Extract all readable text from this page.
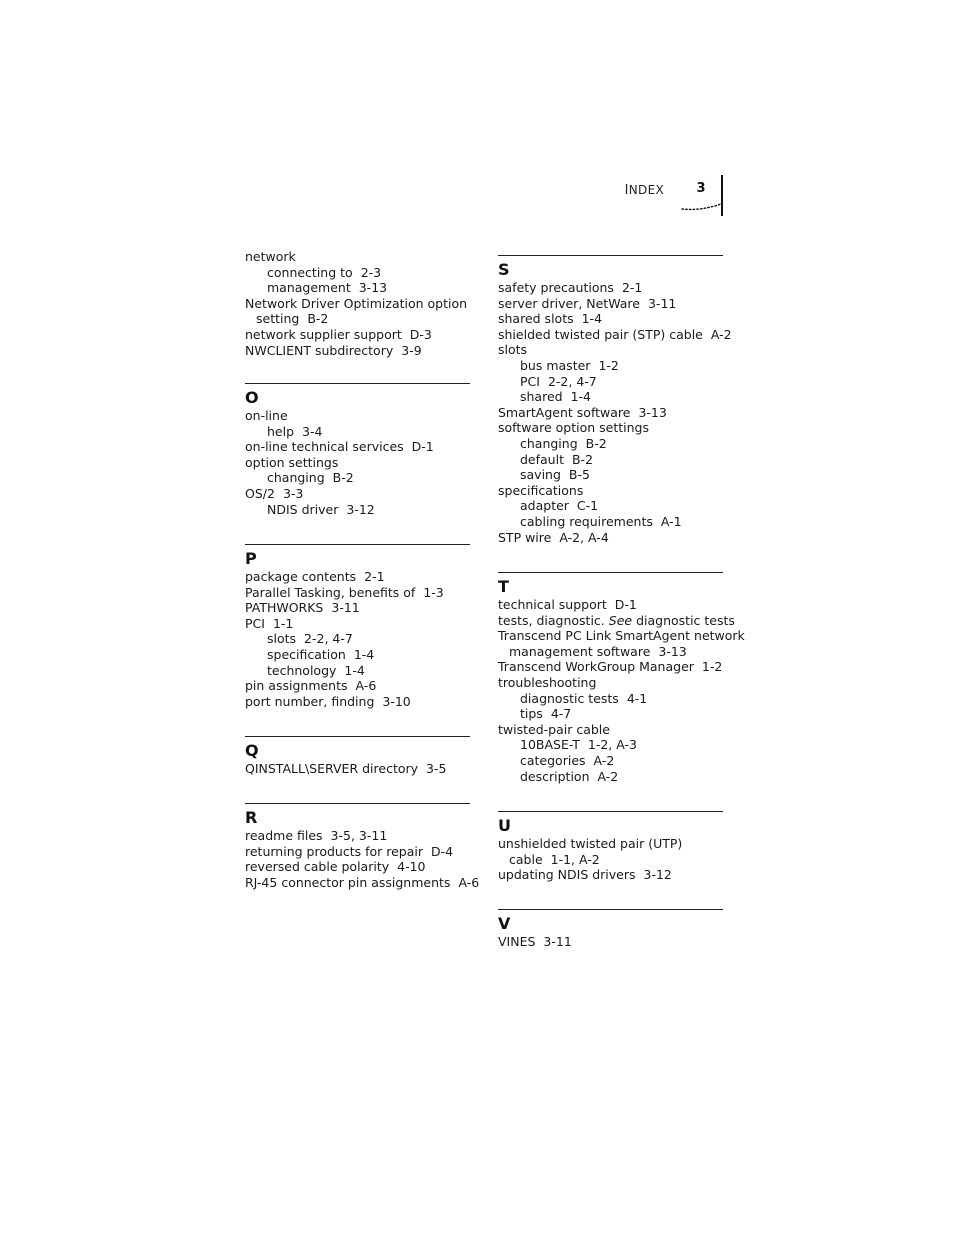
INDEX	3
network
connecting to 2-3
management 3-13
Network Driver Optimization option
setting B-2
network supplier support D-3
NWCLIENT subdirectory 3-9
O
on-line
help 3-4
on-line technical services D-1
option settings
changing B-2
OS/2 3-3
NDIS driver 3-12
P
package contents 2-1
Parallel Tasking, benefits of 1-3
PATHWORKS 3-11
PCI 1-1
slots 2-2, 4-7
specification 1-4
technology 1-4
pin assignments A-6
port number, finding 3-10
Q
QINSTALL\SERVER directory 3-5
R
readme files 3-5, 3-11
returning products for repair D-4
reversed cable polarity 4-10
RJ-45 connector pin assignments A-6
S
safety precautions 2-1
server driver, NetWare 3-11
shared slots 1-4
shielded twisted pair (STP) cable A-2
slots
bus master 1-2
PCI 2-2, 4-7
shared 1-4
SmartAgent software 3-13
software option settings
changing B-2
default B-2
saving B-5
specifications
adapter C-1
cabling requirements A-1
STP wire A-2, A-4
T
technical support D-1
tests, diagnostic. See diagnostic tests
Transcend PC Link SmartAgent network
management software 3-13
Transcend WorkGroup Manager 1-2
troubleshooting
diagnostic tests 4-1
tips 4-7
twisted-pair cable
10BASE-T 1-2, A-3
categories A-2
description A-2
U
unshielded twisted pair (UTP)
cable 1-1, A-2
updating NDIS drivers 3-12
V
VINES 3-11
